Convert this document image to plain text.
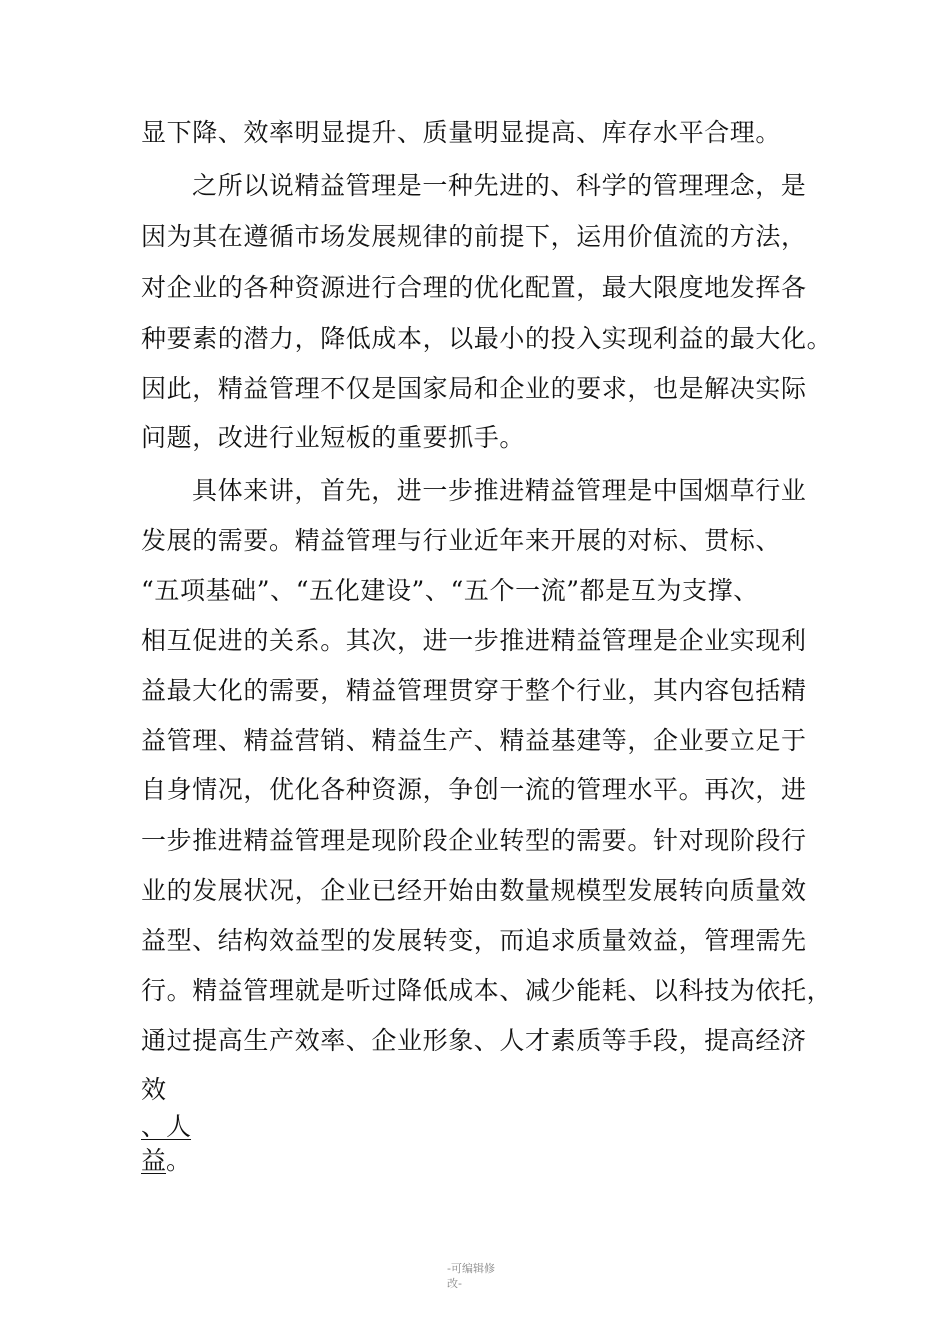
显下降、效率明显提升、质量明显提高、库存水平合理。
之所以说精益管理是一种先进的、科学的管理理念，是
因为其在遵循市场发展规律的前提下，运用价值流的方法，
对企业的各种资源进行合理的优化配置，最大限度地发挥各
种要素的潜力，降低成本，以最小的投入实现利益的最大化。
因此，精益管理不仅是国家局和企业的要求，也是解决实际
问题，改进行业短板的重要抓手。
具体来讲，首先，进一步推进精益管理是中国烟草行业
发展的需要。精益管理与行业近年来开展的对标、贯标、
“五项基础”、“五化建设”、“五个一流”都是互为支撑、
相互促进的关系。其次，进一步推进精益管理是企业实现利
益最大化的需要，精益管理贯穿于整个行业，其内容包括精
益管理、精益营销、精益生产、精益基建等，企业要立足于
自身情况，优化各种资源，争创一流的管理水平。再次，进
一步推进精益管理是现阶段企业转型的需要。针对现阶段行
业的发展状况，企业已经开始由数量规模型发展转向质量效
益型、结构效益型的发展转变，而追求质量效益，管理需先
行。精益管理就是听过降低成本、减少能耗、以科技为依托，
通过提高生产效率、企业形象、人才素质等手段，提高经济
效
、人
益。
-可编辑修
改-
